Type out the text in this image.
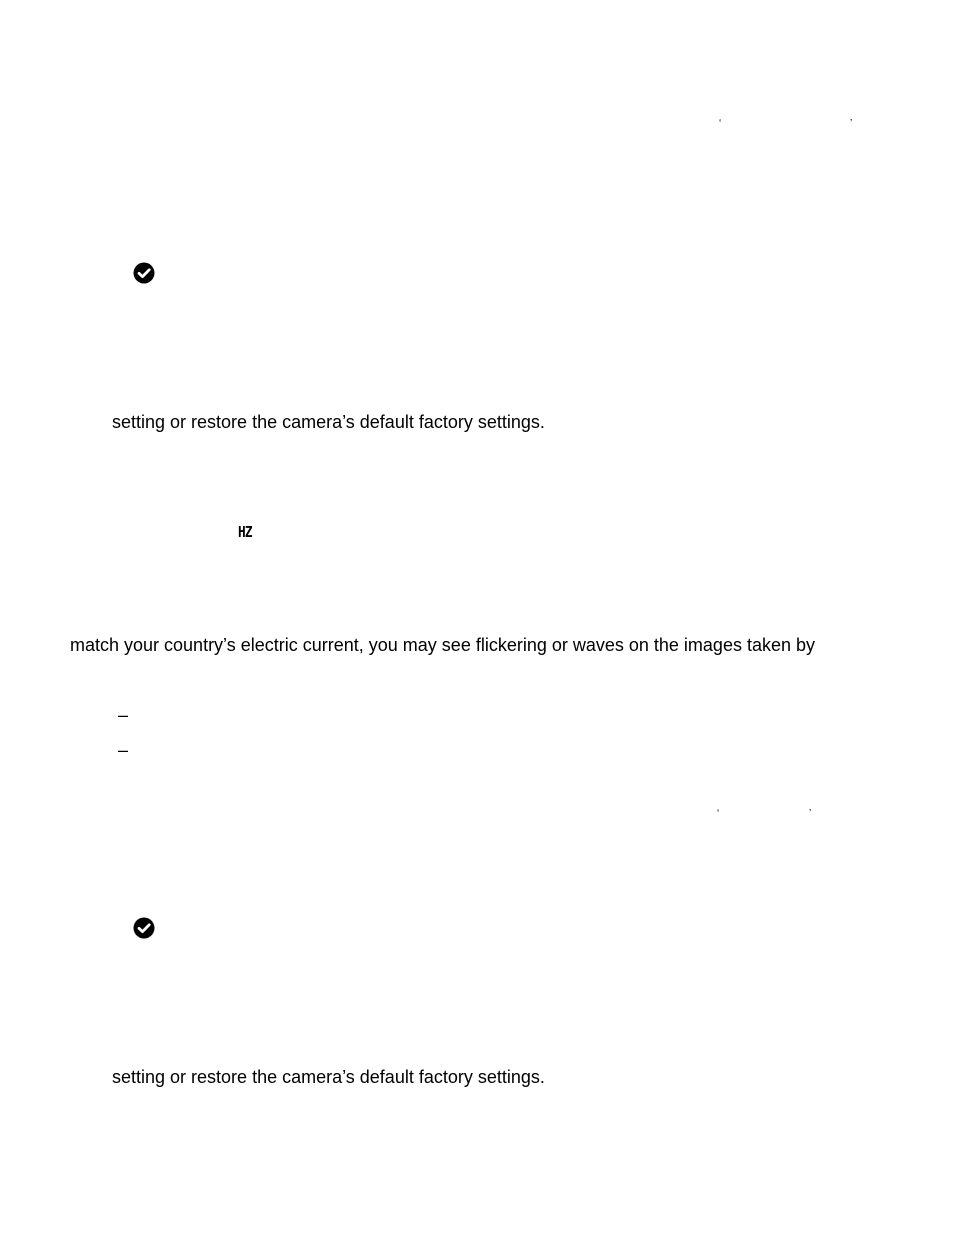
‘	’
setting or restore the camera’s default factory settings.
HZ
match your country’s electric current, you may see flickering or waves on the images taken by
–
–
‘	’
setting or restore the camera’s default factory settings.
